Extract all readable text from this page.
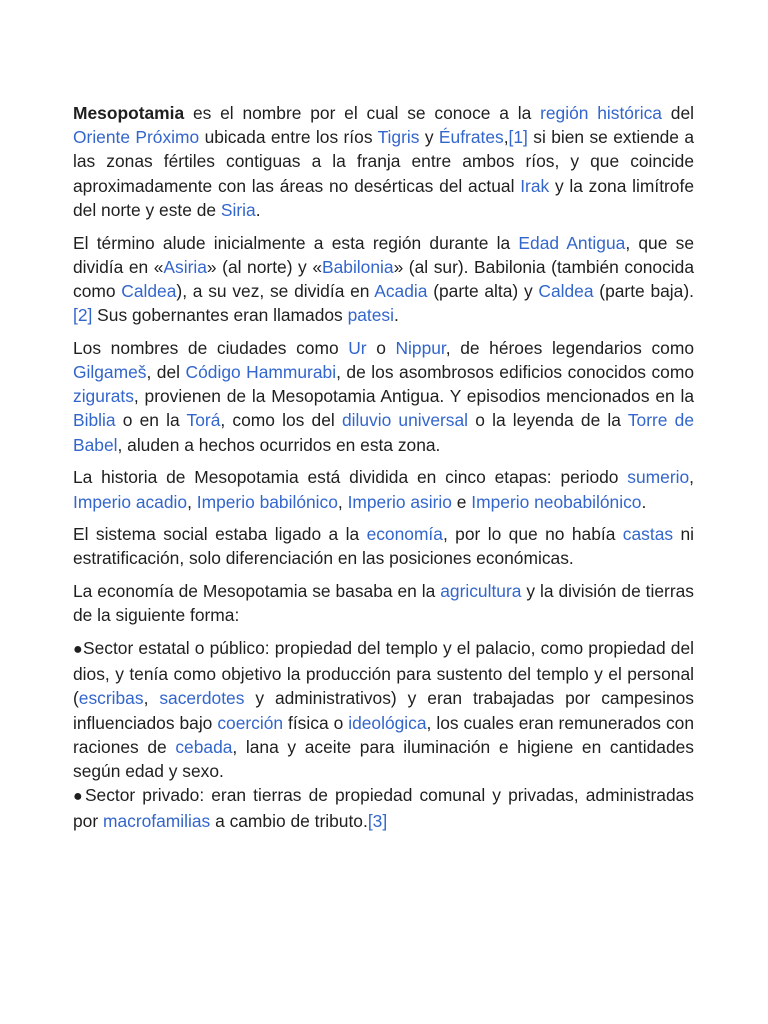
Mesopotamia es el nombre por el cual se conoce a la región histórica del Oriente Próximo ubicada entre los ríos Tigris y Éufrates,[1] si bien se extiende a las zonas fértiles contiguas a la franja entre ambos ríos, y que coincide aproximadamente con las áreas no desérticas del actual Irak y la zona limítrofe del norte y este de Siria.

El término alude inicialmente a esta región durante la Edad Antigua, que se dividía en «Asiria» (al norte) y «Babilonia» (al sur). Babilonia (también conocida como Caldea), a su vez, se dividía en Acadia (parte alta) y Caldea (parte baja).[2] Sus gobernantes eran llamados patesi.

Los nombres de ciudades como Ur o Nippur, de héroes legendarios como Gilgameš, del Código Hammurabi, de los asombrosos edificios conocidos como zigurats, provienen de la Mesopotamia Antigua. Y episodios mencionados en la Biblia o en la Torá, como los del diluvio universal o la leyenda de la Torre de Babel, aluden a hechos ocurridos en esta zona.

La historia de Mesopotamia está dividida en cinco etapas: periodo sumerio, Imperio acadio, Imperio babilónico, Imperio asirio e Imperio neobabilónico.

El sistema social estaba ligado a la economía, por lo que no había castas ni estratificación, solo diferenciación en las posiciones económicas.

La economía de Mesopotamia se basaba en la agricultura y la división de tierras de la siguiente forma:

●Sector estatal o público: propiedad del templo y el palacio, como propiedad del dios, y tenía como objetivo la producción para sustento del templo y el personal (escribas, sacerdotes y administrativos) y eran trabajadas por campesinos influenciados bajo coerción física o ideológica, los cuales eran remunerados con raciones de cebada, lana y aceite para iluminación e higiene en cantidades según edad y sexo.

●Sector privado: eran tierras de propiedad comunal y privadas, administradas por macrofamilias a cambio de tributo.[3]
